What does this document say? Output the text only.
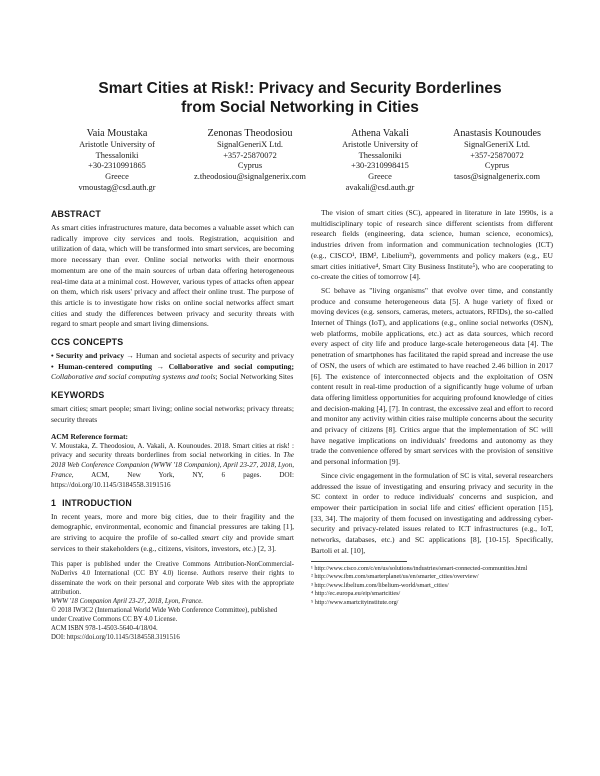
Smart Cities at Risk!: Privacy and Security Borderlines
from Social Networking in Cities
Vaia Moustaka
Aristotle University of
Thessaloniki
+30-2310991865
Greece
vmoustag@csd.auth.gr
Zenonas Theodosiou
SignalGeneriX Ltd.
+357-25870072
Cyprus
z.theodosiou@signalgenerix.com
Athena Vakali
Aristotle University of
Thessaloniki
+30-2310998415
Greece
avakali@csd.auth.gr
Anastasis Kounoudes
SignalGeneriX Ltd.
+357-25870072
Cyprus
tasos@signalgenerix.com
ABSTRACT

As smart cities infrastructures mature, data becomes a valuable asset which can radically improve city services and tools. Registration, acquisition and utilization of data, which will be transformed into smart services, are becoming more necessary than ever. Online social networks with their enormous momentum are one of the main sources of urban data offering heterogeneous real-time data at a minimal cost. However, various types of attacks often appear on them, which risk users' privacy and affect their online trust. The purpose of this article is to investigate how risks on online social networks affect smart cities and study the differences between privacy and security threats with regard to smart people and smart living dimensions.

CCS CONCEPTS

• Security and privacy → Human and societal aspects of security and privacy • Human-centered computing → Collaborative and social computing; Collaborative and social computing systems and tools; Social Networking Sites

KEYWORDS

smart cities; smart people; smart living; online social networks; privacy threats; security threats

ACM Reference format:

V. Moustaka, Z. Theodosiou, A. Vakali, A. Kounoudes. 2018. Smart cities at risk! : privacy and security threats borderlines from social networking in cities. In The 2018 Web Conference Companion (WWW '18 Companion), April 23-27, 2018, Lyon, France, ACM, New York, NY, 6 pages. DOI: https://doi.org/10.1145/3184558.3191516

1 INTRODUCTION

In recent years, more and more big cities, due to their fragility and the demographic, environmental, economic and financial pressures are taking [1], are striving to acquire the profile of so-called smart city and provide smart services to their stakeholders (e.g., citizens, visitors, investors, etc.) [2, 3].

This paper is published under the Creative Commons Attribution-NonCommercial-NoDerivs 4.0 International (CC BY 4.0) license. Authors reserve their rights to disseminate the work on their personal and corporate Web sites with the appropriate attribution.

WWW '18 Companion April 23-27, 2018, Lyon, France.

© 2018 IW3C2 (International World Wide Web Conference Committee), published under Creative Commons CC BY 4.0 License.

ACM ISBN 978-1-4503-5640-4/18/04.

DOI: https://doi.org/10.1145/3184558.3191516

The vision of smart cities (SC), appeared in literature in late 1990s, is a multidisciplinary topic of research since different scientists from different research fields (engineering, data science, human science, economics), industries driven from information and communication technologies (ICT) (e.g., CISCO¹, IBM², Libelium³), governments and policy makers (e.g., EU smart cities initiative⁴, Smart City Business Institute⁵), who are cooperating to co-create the cities of tomorrow [4].

SC behave as "living organisms" that evolve over time, and constantly produce and consume heterogeneous data [5]. A huge variety of fixed or moving devices (e.g. sensors, cameras, meters, actuators, RFIDs), the so-called Internet of Things (IoT), and applications (e.g., online social networks (OSN), web platforms, mobile applications, etc.) act as data sources, which record every aspect of city life and produce large-scale heterogeneous data [4]. The penetration of smartphones has facilitated the rapid spread and increase the use of OSN, the users of which are estimated to have reached 2.46 billion in 2017 [6]. The existence of interconnected objects and the exploitation of OSN content result in real-time production of a significantly huge volume of urban data offering limitless opportunities for acquiring profound knowledge of cities and decision-making [4], [7]. In contrast, the excessive zeal and effort to record and monitor any activity within cities raise multiple concerns about the security and privacy of citizens [8]. Critics argue that the implementation of SC will have negative implications on individuals' freedoms and autonomy as they trade the convenience offered by smart services with the provision of sensitive and personal information [9].

Since civic engagement in the formulation of SC is vital, several researchers addressed the issue of investigating and ensuring privacy and security in the SC context in order to reduce individuals' concerns and suspicion, and empower their participation in social life and cities' efficient operation [15], [33, 34]. The majority of them focused on investigating and addressing cyber-security and privacy-related issues related to ICT infrastructures (e.g., IoT, networks, databases, etc.) and SC applications [8], [10-15]. Specifically, Bartoli et al. [10],

¹ http://www.cisco.com/c/en/us/solutions/industries/smart-connected-communities.html

² http://www.ibm.com/smarterplanet/us/en/smarter_cities/overview/

³ http://www.libelium.com/libelium-world/smart_cities/

⁴ http://ec.europa.eu/eip/smartcities/

⁵ http://www.smartcityinstitute.org/
